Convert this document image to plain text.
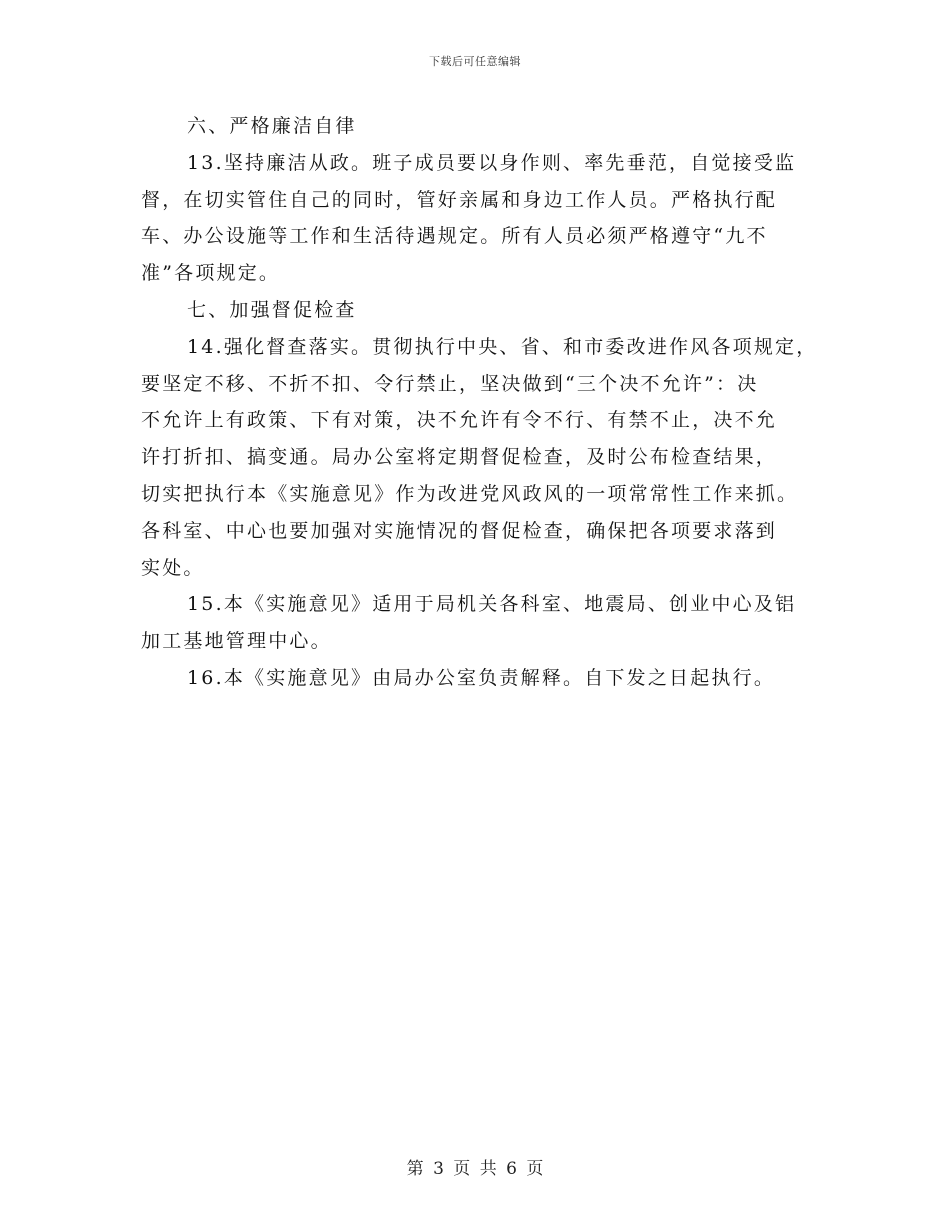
下载后可任意编辑
六、严格廉洁自律
13.坚持廉洁从政。班子成员要以身作则、率先垂范，自觉接受监
督，在切实管住自己的同时，管好亲属和身边工作人员。严格执行配
车、办公设施等工作和生活待遇规定。所有人员必须严格遵守“九不
准”各项规定。
七、加强督促检查
14.强化督查落实。贯彻执行中央、省、和市委改进作风各项规定，
要坚定不移、不折不扣、令行禁止，坚决做到“三个决不允许”：决
不允许上有政策、下有对策，决不允许有令不行、有禁不止，决不允
许打折扣、搞变通。局办公室将定期督促检查，及时公布检查结果，
切实把执行本《实施意见》作为改进党风政风的一项常常性工作来抓。
各科室、中心也要加强对实施情况的督促检查，确保把各项要求落到
实处。
15.本《实施意见》适用于局机关各科室、地震局、创业中心及铝
加工基地管理中心。
16.本《实施意见》由局办公室负责解释。自下发之日起执行。
第 3 页 共 6 页
